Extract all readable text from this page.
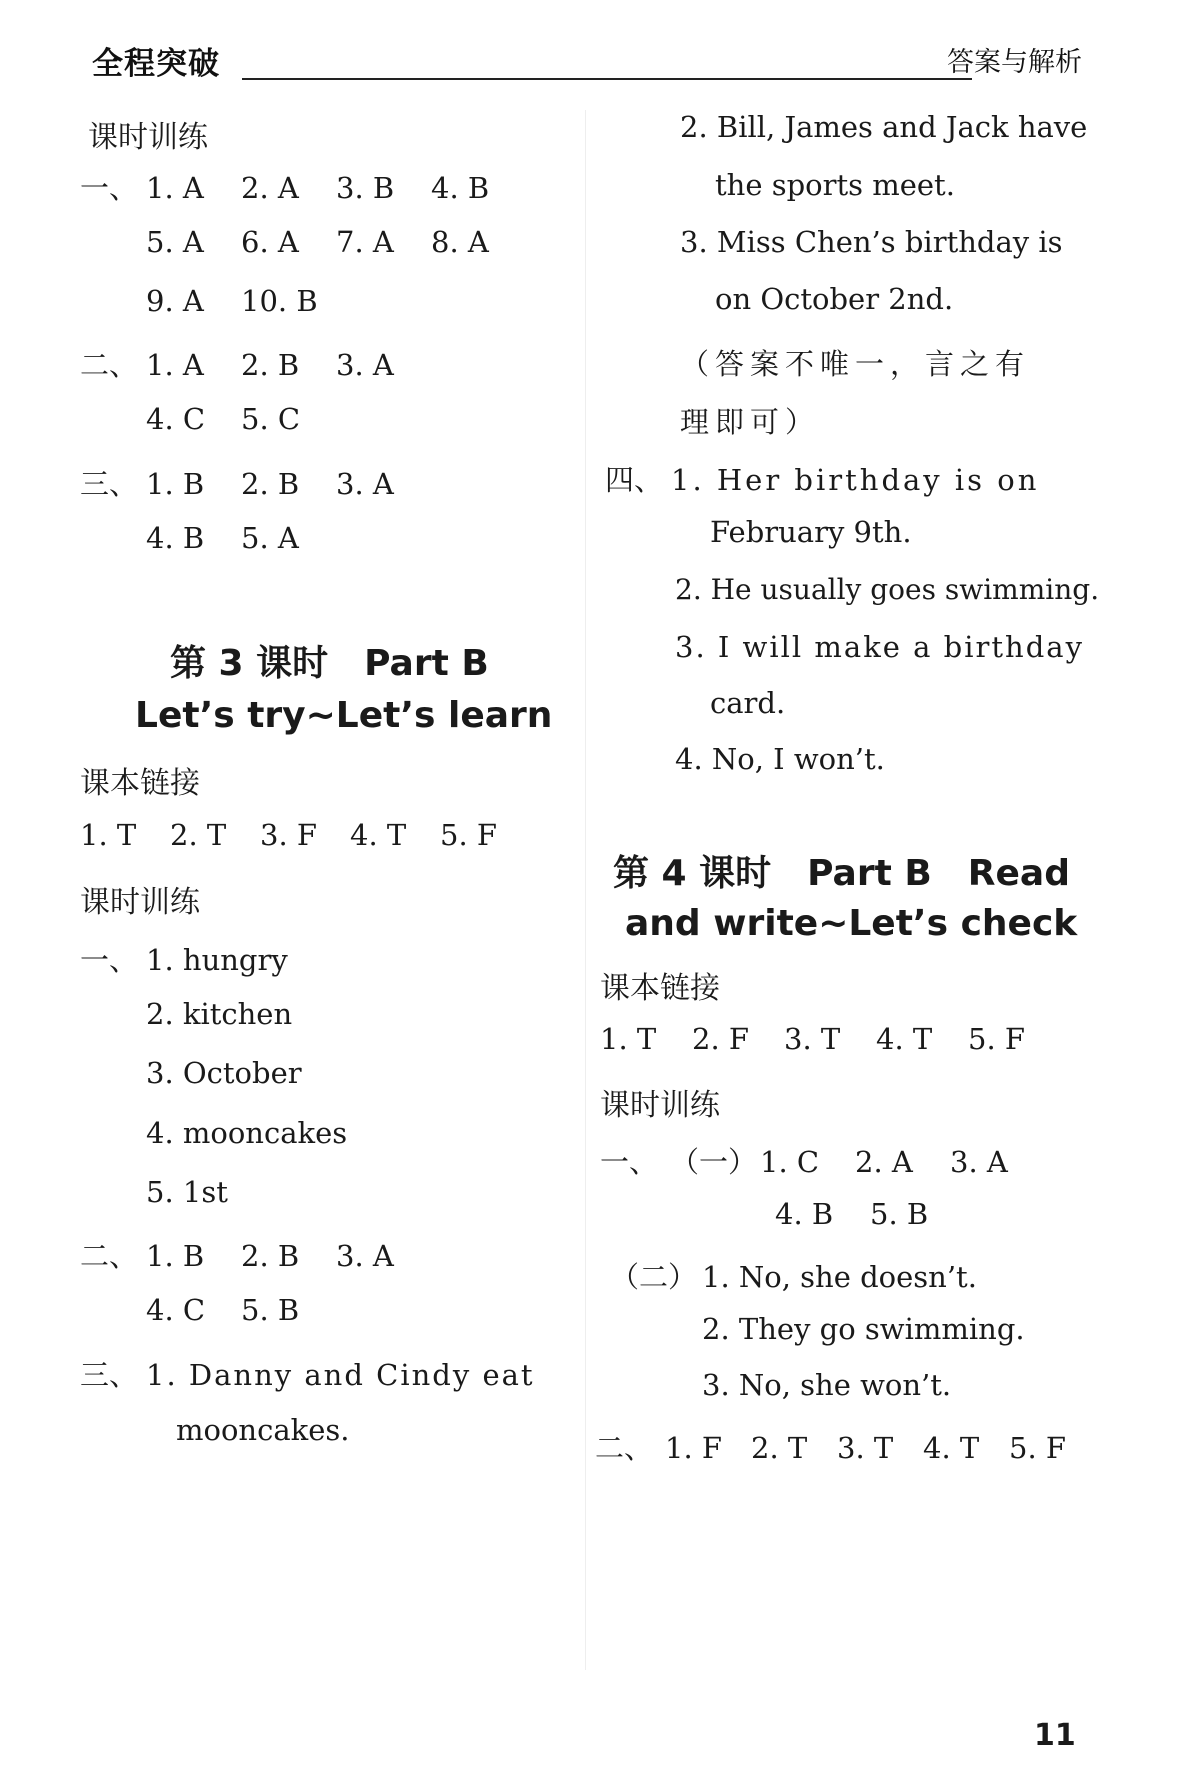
全程突破	答案与解析
课时训练
一、 1. A 2. A 3. B 4. B
5. A 6. A 7. A 8. A
9. A 10. B
二、 1. A 2. B 3. A
4. C 5. C
三、 1. B 2. B 3. A
4. B 5. A
第 3 课时　Part B
Let’s try~Let’s learn
课本链接
1. T 2. T 3. F 4. T 5. F
课时训练
一、 1. hungry
2. kitchen
3. October
4. mooncakes
5. 1st
二、 1. B 2. B 3. A
4. C 5. B
三、 1. Danny and Cindy eat
mooncakes.
2. Bill, James and Jack have
the sports meet.
3. Miss Chen’s birthday is
on October 2nd.
（答案不唯一，言之有
理即可）
四、 1. Her birthday is on
February 9th.
2. He usually goes swimming.
3. I will make a birthday
card.
4. No, I won’t.
第 4 课时　Part B　Read
and write~Let’s check
课本链接
1. T 2. F 3. T 4. T 5. F
课时训练
一、 （一） 1. C 2. A 3. A
4. B 5. B
（二） 1. No, she doesn’t.
2. They go swimming.
3. No, she won’t.
二、 1. F 2. T 3. T 4. T 5. F
11
